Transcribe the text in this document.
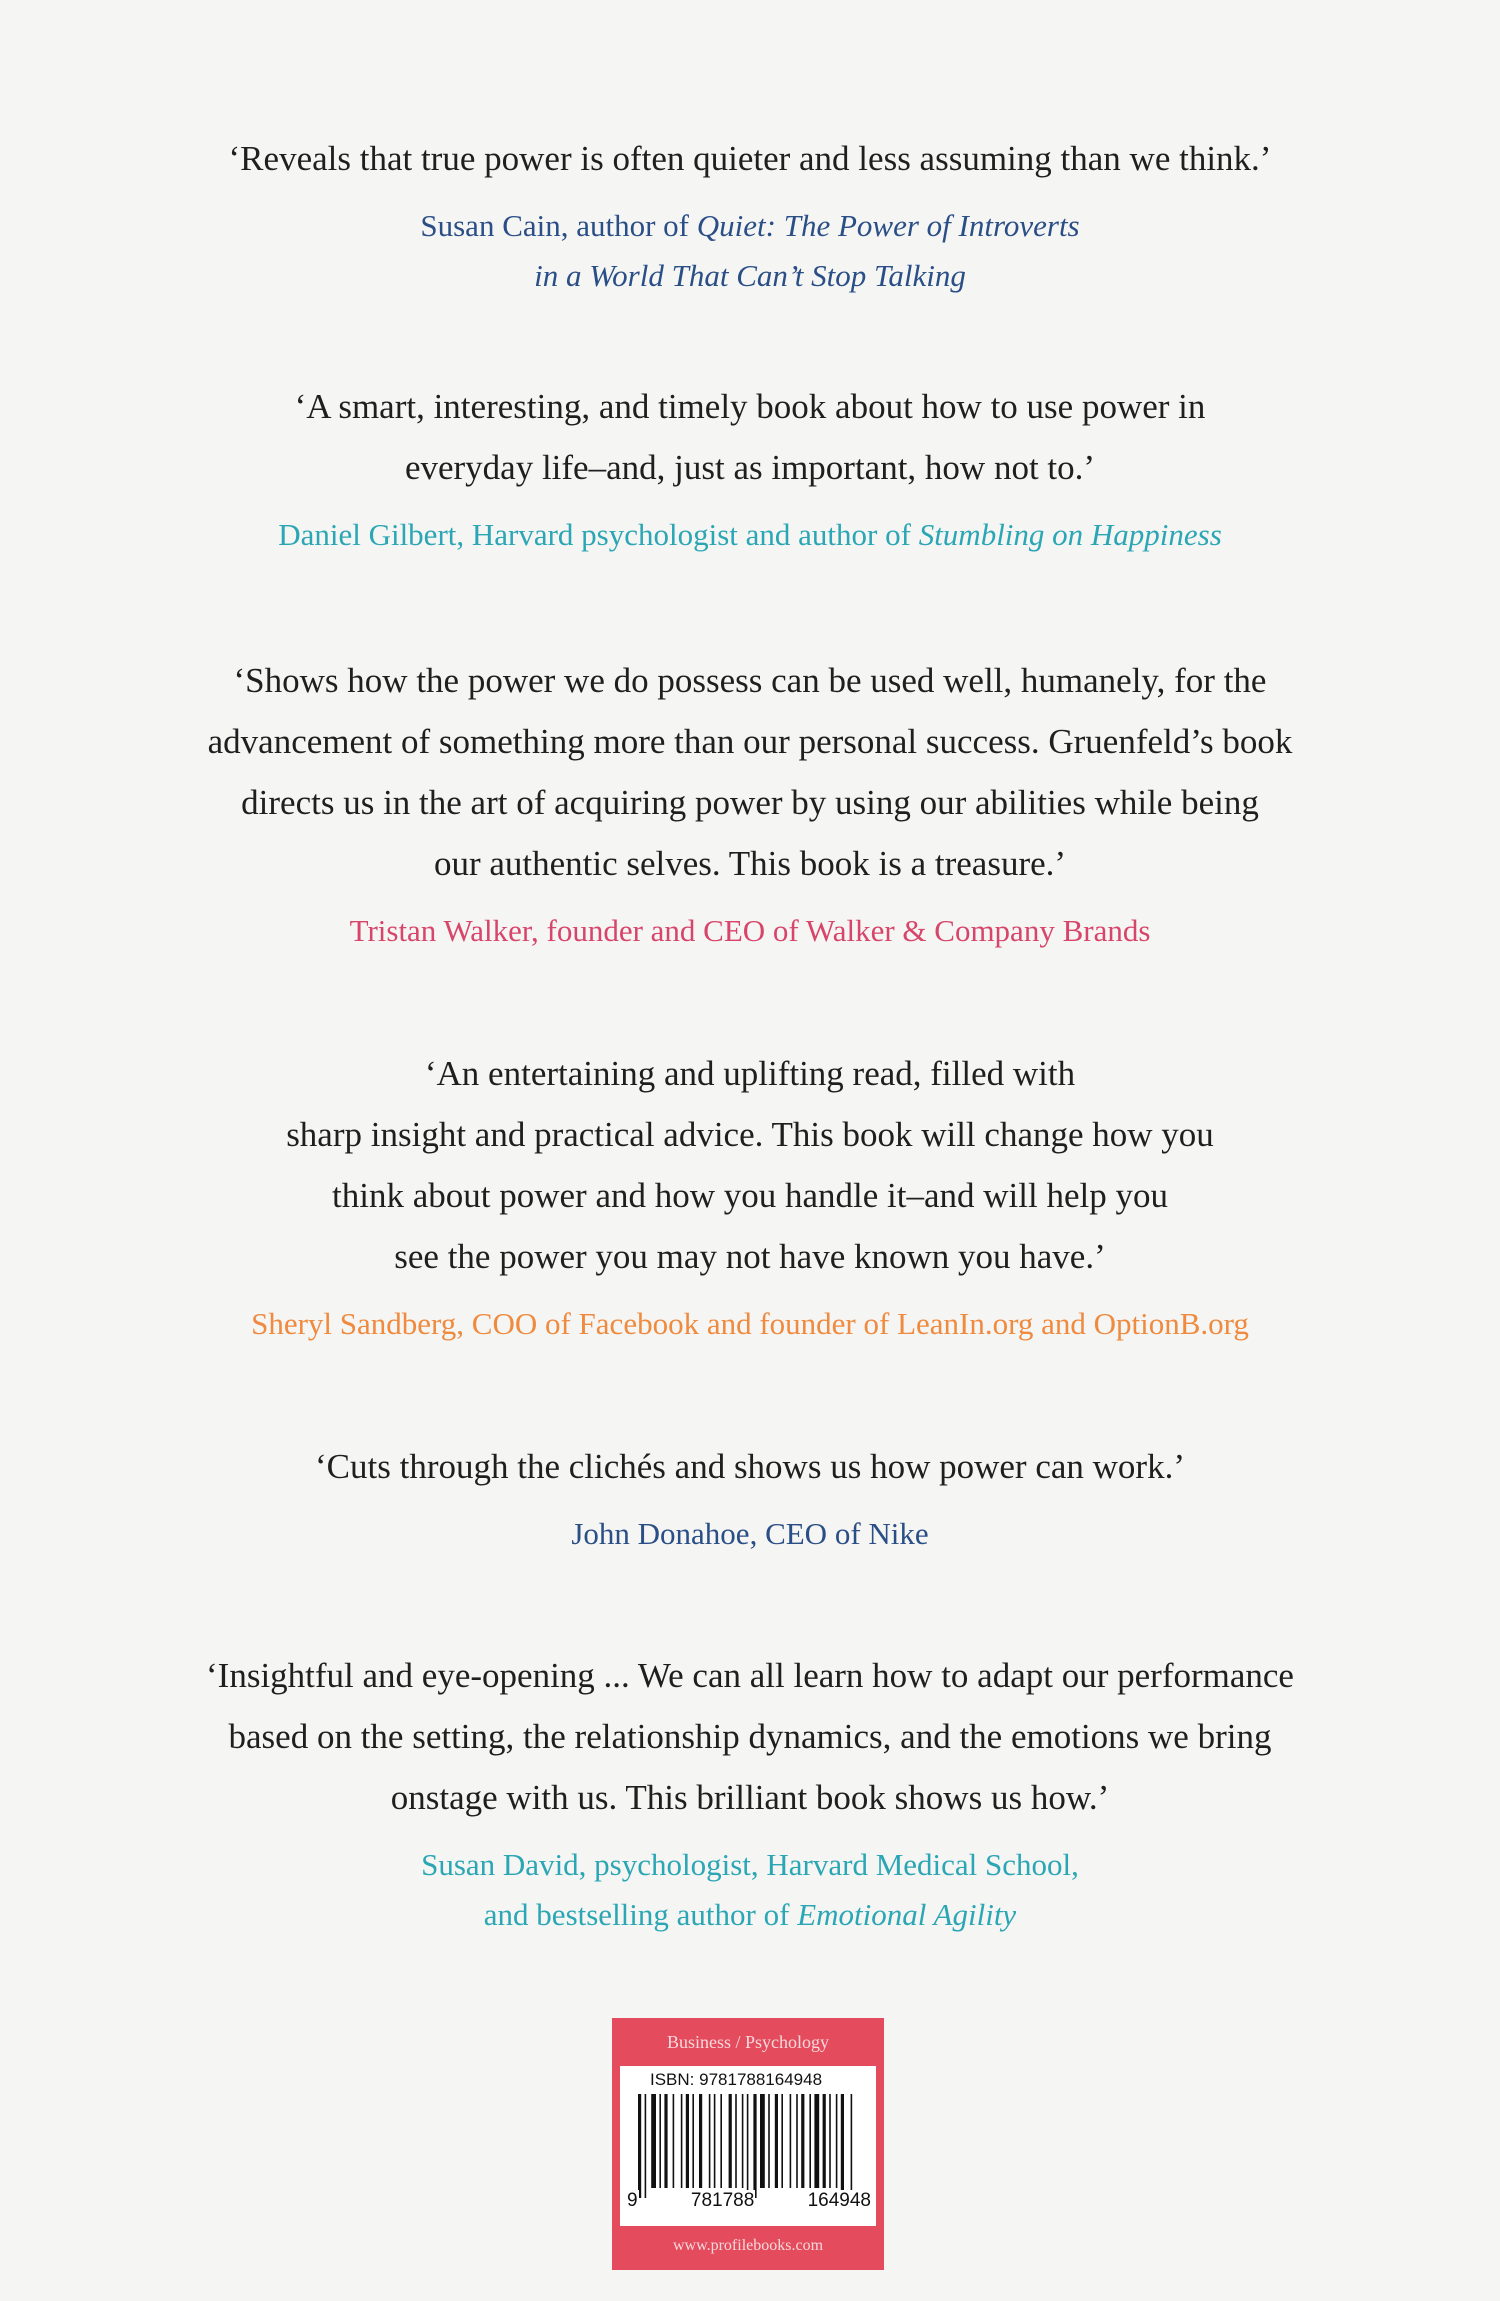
‘Reveals that true power is often quieter and less assuming than we think.’

Susan Cain, author of Quiet: The Power of Introverts
in a World That Can’t Stop Talking

‘A smart, interesting, and timely book about how to use power in
everyday life–and, just as important, how not to.’

Daniel Gilbert, Harvard psychologist and author of Stumbling on Happiness

‘Shows how the power we do possess can be used well, humanely, for the
advancement of something more than our personal success. Gruenfeld’s book
directs us in the art of acquiring power by using our abilities while being
our authentic selves. This book is a treasure.’

Tristan Walker, founder and CEO of Walker & Company Brands

‘An entertaining and uplifting read, filled with
sharp insight and practical advice. This book will change how you
think about power and how you handle it–and will help you
see the power you may not have known you have.’

Sheryl Sandberg, COO of Facebook and founder of LeanIn.org and OptionB.org

‘Cuts through the clichés and shows us how power can work.’

John Donahoe, CEO of Nike

‘Insightful and eye-opening ... We can all learn how to adapt our performance
based on the setting, the relationship dynamics, and the emotions we bring
onstage with us. This brilliant book shows us how.’

Susan David, psychologist, Harvard Medical School,
and bestselling author of Emotional Agility

Business / Psychology
ISBN: 9781788164948
9	781788	164948
www.profilebooks.com
